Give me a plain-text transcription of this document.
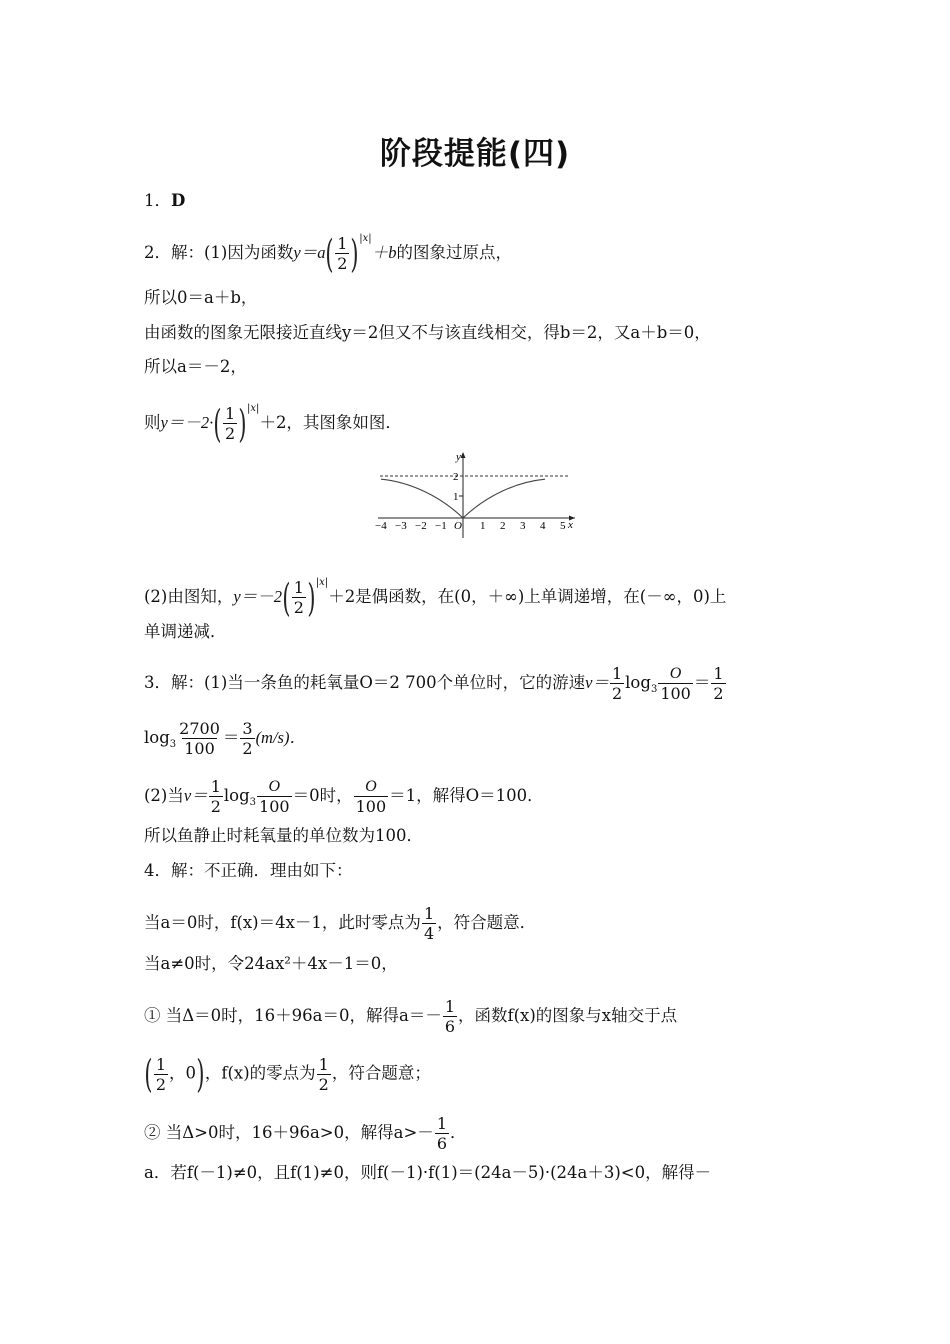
阶段提能(四)
1．D
2．解：(1)因为函数$y=a( \frac{1}{2} )^{|x|}+b$的图象过原点，
所以0＝a＋b，
由函数的图象无限接近直线y＝2但又不与该直线相交，得b＝2，又a＋b＝0，
所以a＝－2，
则$y=-2\cdot( \frac{1}{2} )^{|x|}+2$，其图象如图．
y
2
1
O
−4 −3 −2 −1	1 2 3 4 5 x
(2)由图知，$y=-2( \frac{1}{2} )^{|x|}+2$是偶函数，在(0，＋∞)上单调递增，在(－∞，0)上
单调递减．
3．解：(1)当一条鱼的耗氧量O＝2 700个单位时，它的游速$v= \frac{1}{2} \log_3 \frac{O}{100} = \frac{1}{2}$
$\log_3 \frac{2700}{100} = \frac{3}{2} (m/s)$．
(2)当$v= \frac{1}{2} \log_3 \frac{O}{100} =0$时， $\frac{O}{100} =1$，解得O＝100．
所以鱼静止时耗氧量的单位数为100．
4．解：不正确．理由如下：
当a＝0时，f(x)＝4x－1，此时零点为 $\frac{1}{4}$ ，符合题意．
当a≠0时，令24ax²＋4x－1＝0，
① 当Δ＝0时，16＋96a＝0，解得$a=- \frac{1}{6}$ ，函数f(x)的图象与x轴交于点
( $\frac{1}{2}$ ，0)，f(x)的零点为 $\frac{1}{2}$ ，符合题意；
② 当Δ>0时，16＋96a>0，解得$a>- \frac{1}{6}$ ．
a．若f(－1)≠0，且f(1)≠0，则f(－1)·f(1)＝(24a－5)·(24a＋3)<0，解得－
